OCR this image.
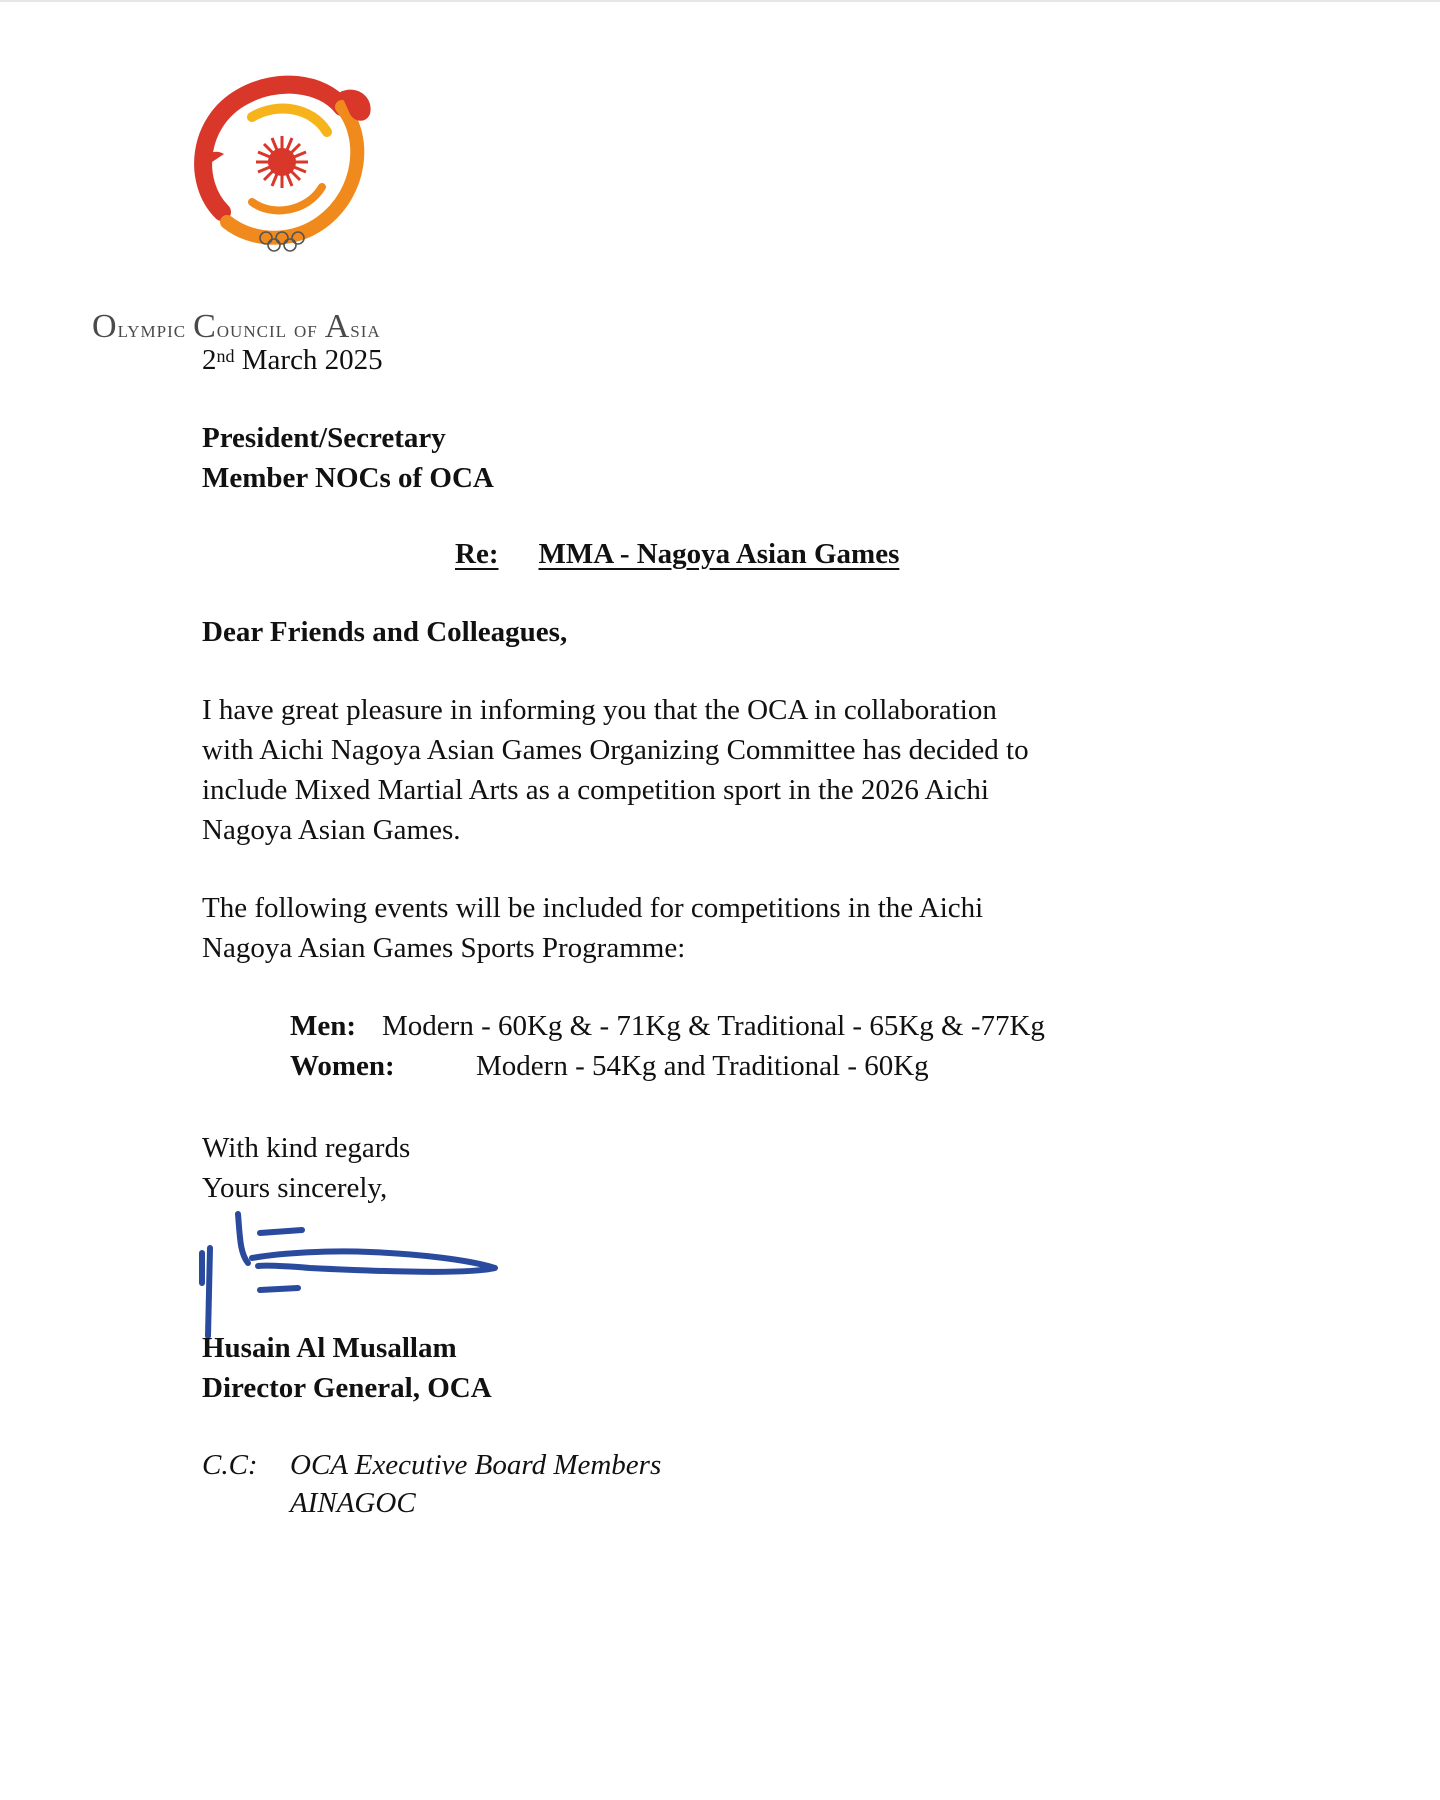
Olympic Council of Asia
2nd March 2025
President/Secretary
Member NOCs of OCA
Re: MMA - Nagoya Asian Games
Dear Friends and Colleagues,
I have great pleasure in informing you that the OCA in collaboration
with Aichi Nagoya Asian Games Organizing Committee has decided to
include Mixed Martial Arts as a competition sport in the 2026 Aichi
Nagoya Asian Games.
The following events will be included for competitions in the Aichi
Nagoya Asian Games Sports Programme:
Men: Modern - 60Kg & - 71Kg & Traditional - 65Kg & -77Kg
Women:	Modern - 54Kg and Traditional - 60Kg
With kind regards
Yours sincerely,
Husain Al Musallam
Director General, OCA
C.C: OCA Executive Board Members
AINAGOC
